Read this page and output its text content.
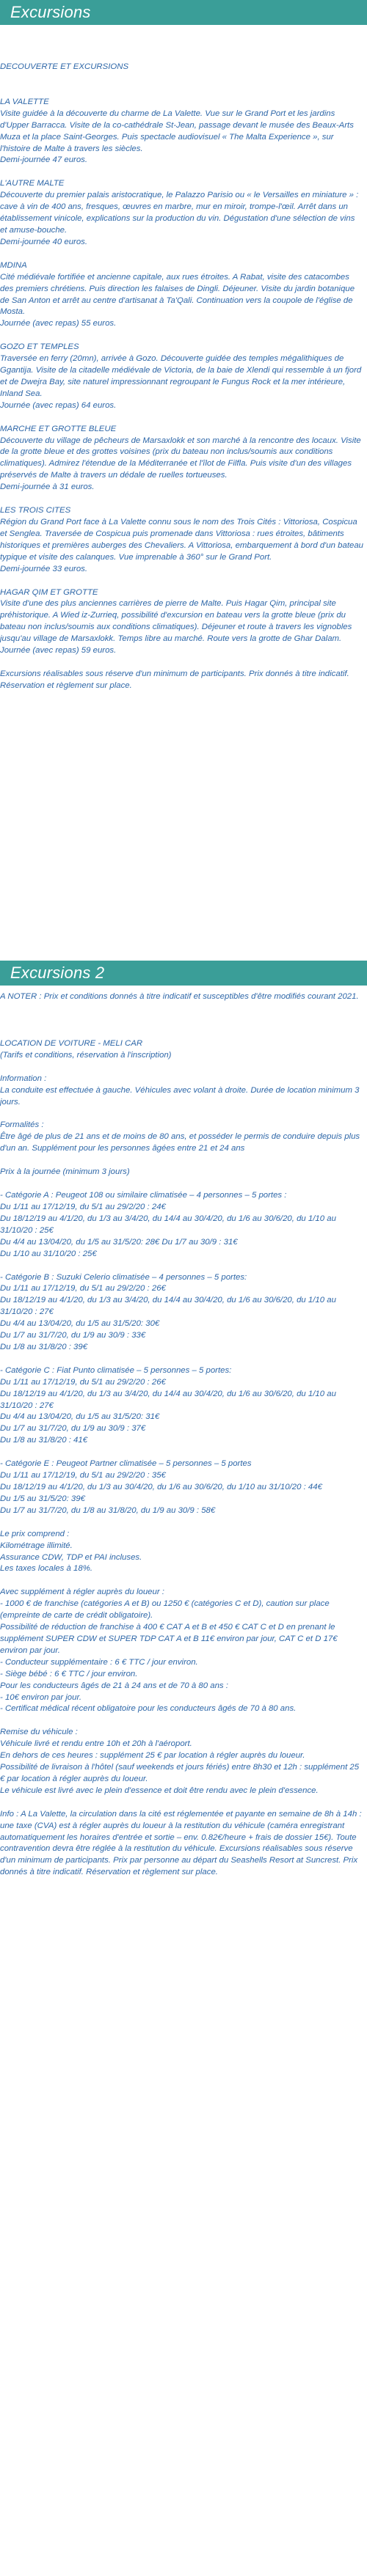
Excursions

DECOUVERTE ET EXCURSIONS

LA VALETTE

Visite guidée à la découverte du charme de La Valette. Vue sur le Grand Port et les jardins d'Upper Barracca. Visite de la co-cathédrale St-Jean, passage devant le musée des Beaux-Arts Muza et la place Saint-Georges. Puis spectacle audiovisuel « The Malta Experience », sur l'histoire de Malte à travers les siècles.

Demi-journée 47 euros.

L'AUTRE MALTE

Découverte du premier palais aristocratique, le Palazzo Parisio ou « le Versailles en miniature » : cave à vin de 400 ans, fresques, œuvres en marbre, mur en miroir, trompe-l'œil. Arrêt dans un établissement vinicole, explications sur la production du vin. Dégustation d'une sélection de vins et amuse-bouche.

Demi-journée 40 euros.

MDINA

Cité médiévale fortifiée et ancienne capitale, aux rues étroites. A Rabat, visite des catacombes des premiers chrétiens. Puis direction les falaises de Dingli. Déjeuner. Visite du jardin botanique de San Anton et arrêt au centre d'artisanat à Ta'Qali. Continuation vers la coupole de l'église de Mosta.

Journée (avec repas) 55 euros.

GOZO ET TEMPLES

Traversée en ferry (20mn), arrivée à Gozo. Découverte guidée des temples mégalithiques de Ggantija. Visite de la citadelle médiévale de Victoria, de la baie de Xlendi qui ressemble à un fjord et de Dwejra Bay, site naturel impressionnant regroupant le Fungus Rock et la mer intérieure, Inland Sea.

Journée (avec repas) 64 euros.

MARCHE ET GROTTE BLEUE

Découverte du village de pêcheurs de Marsaxlokk et son marché à la rencontre des locaux. Visite de la grotte bleue et des grottes voisines (prix du bateau non inclus/soumis aux conditions climatiques). Admirez l'étendue de la Méditerranée et l'îlot de Filfla. Puis visite d'un des villages préservés de Malte à travers un dédale de ruelles tortueuses.

Demi-journée à 31 euros.

LES TROIS CITES

Région du Grand Port face à La Valette connu sous le nom des Trois Cités : Vittoriosa, Cospicua et Senglea. Traversée de Cospicua puis promenade dans Vittoriosa : rues étroites, bâtiments historiques et premières auberges des Chevaliers. A Vittoriosa, embarquement à bord d'un bateau typique et visite des calanques. Vue imprenable à 360° sur le Grand Port.

Demi-journée 33 euros.

HAGAR QIM ET GROTTE

Visite d'une des plus anciennes carrières de pierre de Malte. Puis Hagar Qim, principal site préhistorique. A Wied iz-Zurrieq, possibilité d'excursion en bateau vers la grotte bleue (prix du bateau non inclus/soumis aux conditions climatiques). Déjeuner et route à travers les vignobles jusqu'au village de Marsaxlokk. Temps libre au marché. Route vers la grotte de Ghar Dalam.

Journée (avec repas) 59 euros.

Excursions réalisables sous réserve d'un minimum de participants. Prix donnés à titre indicatif. Réservation et règlement sur place.

Excursions 2

A NOTER : Prix et conditions donnés à titre indicatif et susceptibles d'être modifiés courant 2021.

LOCATION DE VOITURE - MELI CAR

(Tarifs et conditions, réservation à l'inscription)

Information :

La conduite est effectuée à gauche. Véhicules avec volant à droite. Durée de location minimum 3 jours.

Formalités :

Être âgé de plus de 21 ans et de moins de 80 ans, et posséder le permis de conduire depuis plus d'un an. Supplément pour les personnes âgées entre 21 et 24 ans

Prix à la journée (minimum 3 jours)

- Catégorie A : Peugeot 108 ou similaire climatisée – 4 personnes – 5 portes :

Du 1/11 au 17/12/19, du 5/1 au 29/2/20 : 24€

Du 18/12/19 au 4/1/20, du 1/3 au 3/4/20, du 14/4 au 30/4/20, du 1/6 au 30/6/20, du 1/10 au 31/10/20 : 25€

Du 4/4 au 13/04/20, du 1/5 au 31/5/20: 28€ Du 1/7 au 30/9 : 31€

Du 1/10 au 31/10/20 : 25€

- Catégorie B : Suzuki Celerio climatisée – 4 personnes – 5 portes:

Du 1/11 au 17/12/19, du 5/1 au 29/2/20 : 26€

Du 18/12/19 au 4/1/20, du 1/3 au 3/4/20, du 14/4 au 30/4/20, du 1/6 au 30/6/20, du 1/10 au 31/10/20 : 27€

Du 4/4 au 13/04/20, du 1/5 au 31/5/20: 30€

Du 1/7 au 31/7/20, du 1/9 au 30/9 : 33€

Du 1/8 au 31/8/20 : 39€

- Catégorie C : Fiat Punto climatisée – 5 personnes – 5 portes:

Du 1/11 au 17/12/19, du 5/1 au 29/2/20 : 26€

Du 18/12/19 au 4/1/20, du 1/3 au 3/4/20, du 14/4 au 30/4/20, du 1/6 au 30/6/20, du 1/10 au 31/10/20 : 27€

Du 4/4 au 13/04/20, du 1/5 au 31/5/20: 31€

Du 1/7 au 31/7/20, du 1/9 au 30/9 : 37€

Du 1/8 au 31/8/20 : 41€

- Catégorie E : Peugeot Partner climatisée – 5 personnes – 5 portes

Du 1/11 au 17/12/19, du 5/1 au 29/2/20 : 35€

Du 18/12/19 au 4/1/20, du 1/3 au 30/4/20, du 1/6 au 30/6/20, du 1/10 au 31/10/20 : 44€

Du 1/5 au 31/5/20: 39€

Du 1/7 au 31/7/20, du 1/8 au 31/8/20, du 1/9 au 30/9 : 58€

Le prix comprend :

Kilométrage illimité.

Assurance CDW, TDP et PAI incluses.

Les taxes locales à 18%.

Avec supplément à régler auprès du loueur :

- 1000 € de franchise (catégories A et B) ou 1250 € (catégories C et D), caution sur place (empreinte de carte de crédit obligatoire).

Possibilité de réduction de franchise à 400 € CAT A et B et 450 € CAT C et D en prenant le supplément SUPER CDW et SUPER TDP CAT A et B 11€ environ par jour, CAT C et D 17€ environ par jour.

- Conducteur supplémentaire : 6 € TTC / jour environ.

- Siège bébé : 6 € TTC / jour environ.

Pour les conducteurs âgés de 21 à 24 ans et de 70 à 80 ans :

- 10€ environ par jour.

- Certificat médical récent obligatoire pour les conducteurs âgés de 70 à 80 ans.

Remise du véhicule :

Véhicule livré et rendu entre 10h et 20h à l'aéroport.

En dehors de ces heures : supplément 25 € par location à régler auprès du loueur.

Possibilité de livraison à l'hôtel (sauf weekends et jours fériés) entre 8h30 et 12h : supplément 25 € par location à régler auprès du loueur.

Le véhicule est livré avec le plein d'essence et doit être rendu avec le plein d'essence.

Info : A La Valette, la circulation dans la cité est réglementée et payante en semaine de 8h à 14h : une taxe (CVA) est à régler auprès du loueur à la restitution du véhicule (caméra enregistrant automatiquement les horaires d'entrée et sortie – env. 0.82€/heure + frais de dossier 15€). Toute contravention devra être réglée à la restitution du véhicule. Excursions réalisables sous réserve d'un minimum de participants. Prix par personne au départ du Seashells Resort at Suncrest. Prix donnés à titre indicatif. Réservation et règlement sur place.
